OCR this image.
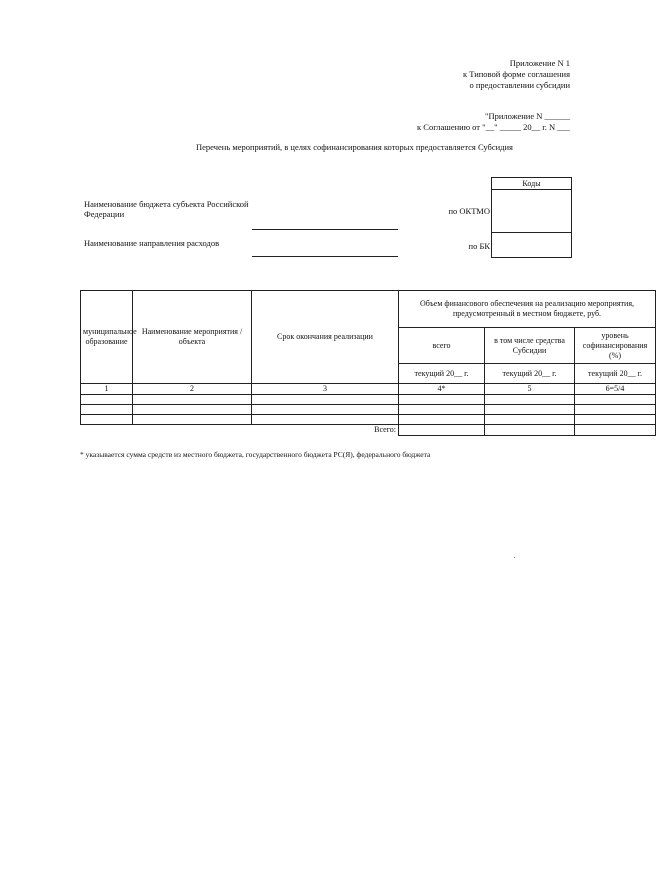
Приложение N 1
к Типовой форме соглашения
о предоставлении субсидии
"Приложение N ______
к Соглашению от "__" _____ 20__ г. N ___
Перечень мероприятий, в целях софинансирования которых предоставляется Субсидия
Коды
Наименование бюджета субъекта Российской
Федерации
Наименование направления расходов
по ОКТМО
по БК
муниципальное образование	Наименование мероприятия / объекта	Срок окончания реализации	Объем финансового обеспечения на реализацию мероприятия, предусмотренный в местном бюджете, руб.		
			всего	в том числе средства Субсидии	уровень софинансирования (%)
			текущий 20__ г.	текущий 20__ г.	текущий 20__ г.
1	2	3	4*	5	6=5/4

Всего:					
* указывается сумма средств из местного бюджета, государственного бюджета РС(Я), федерального бюджета
